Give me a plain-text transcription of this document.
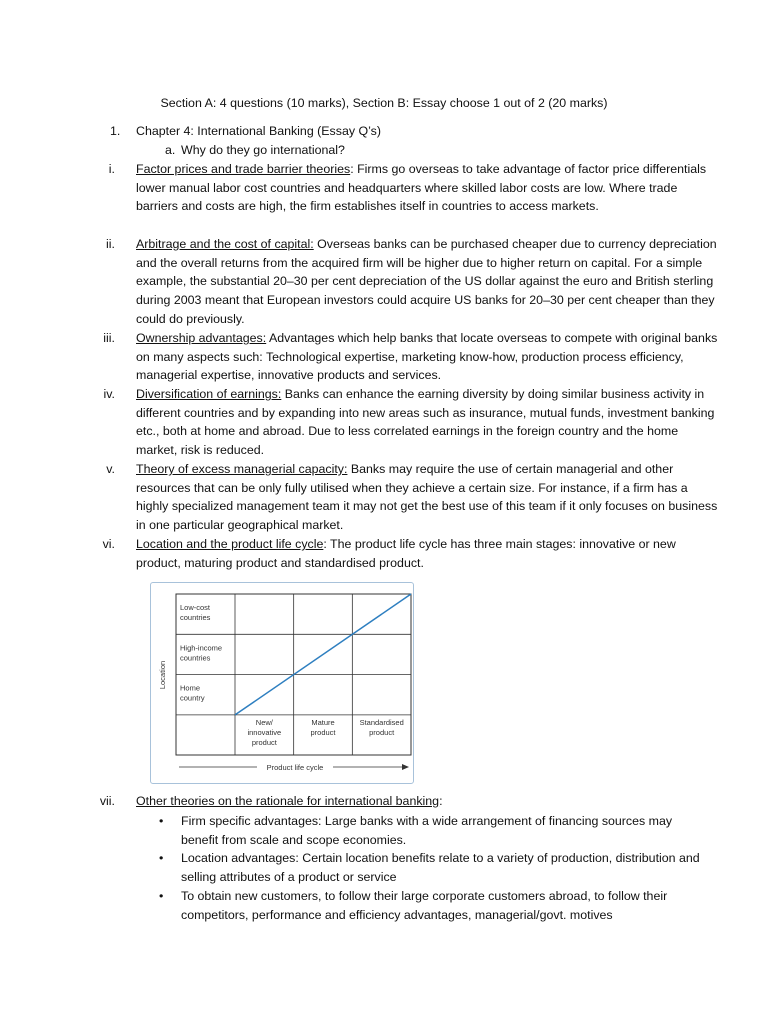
Section A: 4 questions (10 marks), Section B: Essay choose 1 out of 2 (20 marks)
1. Chapter 4: International Banking (Essay Q’s)
a. Why do they go international?
i. Factor prices and trade barrier theories: Firms go overseas to take advantage of factor price differentials lower manual labor cost countries and headquarters where skilled labor costs are low. Where trade barriers and costs are high, the firm establishes itself in countries to access markets.
ii. Arbitrage and the cost of capital: Overseas banks can be purchased cheaper due to currency depreciation and the overall returns from the acquired firm will be higher due to higher return on capital. For a simple example, the substantial 20–30 per cent depreciation of the US dollar against the euro and British sterling during 2003 meant that European investors could acquire US banks for 20–30 per cent cheaper than they could do previously.
iii. Ownership advantages: Advantages which help banks that locate overseas to compete with original banks on many aspects such: Technological expertise, marketing know-how, production process efficiency, managerial expertise, innovative products and services.
iv. Diversification of earnings: Banks can enhance the earning diversity by doing similar business activity in different countries and by expanding into new areas such as insurance, mutual funds, investment banking etc., both at home and abroad. Due to less correlated earnings in the foreign country and the home market, risk is reduced.
v. Theory of excess managerial capacity: Banks may require the use of certain managerial and other resources that can be only fully utilised when they achieve a certain size. For instance, if a firm has a highly specialized management team it may not get the best use of this team if it only focuses on business in one particular geographical market.
vi. Location and the product life cycle: The product life cycle has three main stages: innovative or new product, maturing product and standardised product.
Home
country
High-income
countries
Low-cost
countries
New/
innovative
product
Mature
product
Standardised
product
Location
Product life cycle
vii. Other theories on the rationale for international banking:
• Firm specific advantages: Large banks with a wide arrangement of financing sources may benefit from scale and scope economies.
• Location advantages: Certain location benefits relate to a variety of production, distribution and selling attributes of a product or service
• To obtain new customers, to follow their large corporate customers abroad, to follow their competitors, performance and efficiency advantages, managerial/govt. motives
